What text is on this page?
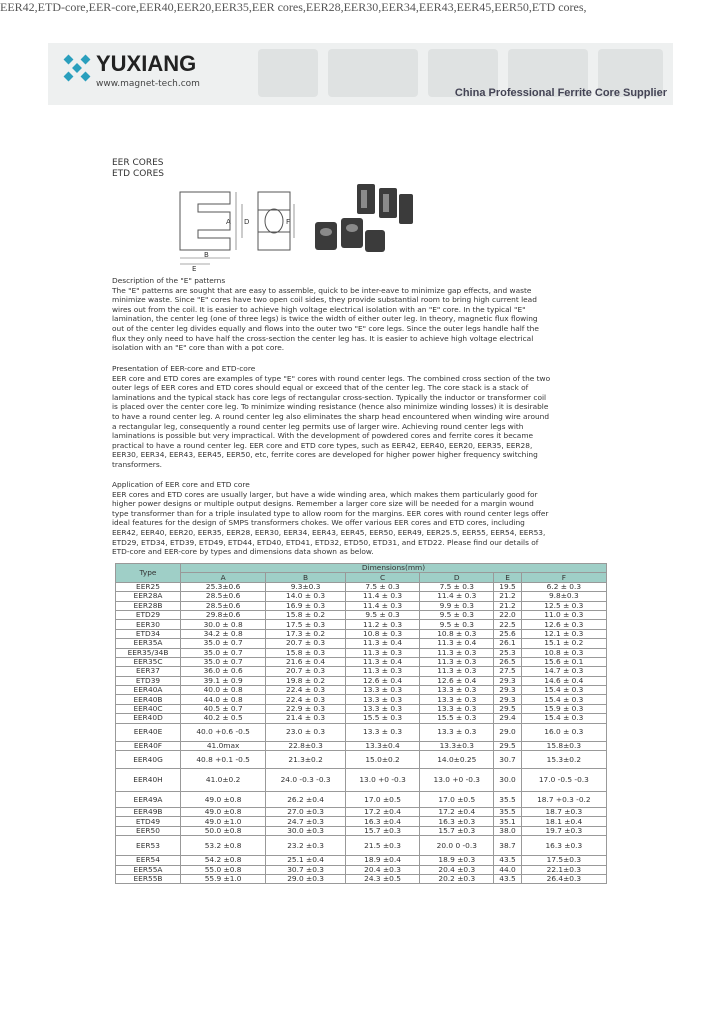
EER42,ETD-core,EER-core,EER40,EER20,EER35,EER cores,EER28,EER30,EER34,EER43,EER45,EER50,ETD cores,
YUXIANG
www.magnet-tech.com
China Professional Ferrite Core Supplier
EER CORES
ETD CORES
B
E
A D	F

Description of the "E" patterns

The "E" patterns are sought that are easy to assemble, quick to be inter-eave to minimize gap effects, and waste minimize waste. Since "E" cores have two open coil sides, they provide substantial room to bring high current lead wires out from the coil. It is easier to achieve high voltage electrical isolation with an "E" core. In the typical "E" lamination, the center leg (one of three legs) is twice the width of either outer leg. In theory, magnetic flux flowing out of the center leg divides equally and flows into the outer two "E" core legs. Since the outer legs handle half the flux they only need to have half the cross-section the center leg has. It is easier to achieve high voltage electrical isolation with an "E" core than with a pot core.

Presentation of EER-core and ETD-core

EER core and ETD cores are examples of type "E" cores with round center legs. The combined cross section of the two outer legs of EER cores and ETD cores should equal or exceed that of the center leg. The core stack is a stack of laminations and the typical stack has core legs of rectangular cross-section. Typically the inductor or transformer coil is placed over the center core leg. To minimize winding resistance (hence also minimize winding losses) it is desirable to have a round center leg. A round center leg also eliminates the sharp head encountered when winding wire around a rectangular leg, consequently a round center leg permits use of larger wire. Achieving round center legs with laminations is possible but very impractical. With the development of powdered cores and ferrite cores it became practical to have a round center leg. EER core and ETD core types, such as EER42, EER40, EER20, EER35, EER28, EER30, EER34, EER43, EER45, EER50, etc, ferrite cores are developed for higher power higher frequency switching transformers.

Application of EER core and ETD core

EER cores and ETD cores are usually larger, but have a wide winding area, which makes them particularly good for higher power designs or multiple output designs. Remember a larger core size will be needed for a margin wound type transformer than for a triple insulated type to allow room for the margins. EER cores with round center legs offer ideal features for the design of SMPS transformers chokes. We offer various EER cores and ETD cores, including EER42, EER40, EER20, EER35, EER28, EER30, EER34, EER43, EER45, EER50, EER49, EER25.5, EER55, EER54, EER53, ETD29, ETD34, ETD39, ETD49, ETD44, ETD40, ETD41, ETD32, ETD50, ETD31, and ETD22. Please find our details of ETD-core and EER-core by types and dimensions data shown as below.

Type	Dimensions(mm)					
	A	B	C	D	E	F
EER25	25.3±0.6	9.3±0.3	7.5 ± 0.3	7.5 ± 0.3	19.5	6.2 ± 0.3
EER28A	28.5±0.6	14.0 ± 0.3	11.4 ± 0.3	11.4 ± 0.3	21.2	9.8±0.3
EER28B	28.5±0.6	16.9 ± 0.3	11.4 ± 0.3	9.9 ± 0.3	21.2	12.5 ± 0.3
ETD29	29.8±0.6	15.8 ± 0.2	9.5 ± 0.3	9.5 ± 0.3	22.0	11.0 ± 0.3
EER30	30.0 ± 0.8	17.5 ± 0.3	11.2 ± 0.3	9.5 ± 0.3	22.5	12.6 ± 0.3
ETD34	34.2 ± 0.8	17.3 ± 0.2	10.8 ± 0.3	10.8 ± 0.3	25.6	12.1 ± 0.3
EER35A	35.0 ± 0.7	20.7 ± 0.3	11.3 ± 0.4	11.3 ± 0.4	26.1	15.1 ± 0.2
EER35/34B	35.0 ± 0.7	15.8 ± 0.3	11.3 ± 0.3	11.3 ± 0.3	25.3	10.8 ± 0.3
EER35C	35.0 ± 0.7	21.6 ± 0.4	11.3 ± 0.4	11.3 ± 0.3	26.5	15.6 ± 0.1
EER37	36.0 ± 0.6	20.7 ± 0.3	11.3 ± 0.3	11.3 ± 0.3	27.5	14.7 ± 0.3
ETD39	39.1 ± 0.9	19.8 ± 0.2	12.6 ± 0.4	12.6 ± 0.4	29.3	14.6 ± 0.4
EER40A	40.0 ± 0.8	22.4 ± 0.3	13.3 ± 0.3	13.3 ± 0.3	29.3	15.4 ± 0.3
EER40B	44.0 ± 0.8	22.4 ± 0.3	13.3 ± 0.3	13.3 ± 0.3	29.3	15.4 ± 0.3
EER40C	40.5 ± 0.7	22.9 ± 0.3	13.3 ± 0.3	13.3 ± 0.3	29.5	15.9 ± 0.3
EER40D	40.2 ± 0.5	21.4 ± 0.3	15.5 ± 0.3	15.5 ± 0.3	29.4	15.4 ± 0.3
EER40E	40.0 +0.6 -0.5	23.0 ± 0.3	13.3 ± 0.3	13.3 ± 0.3	29.0	16.0 ± 0.3
EER40F	41.0max	22.8±0.3	13.3±0.4	13.3±0.3	29.5	15.8±0.3
EER40G	40.8 +0.1 -0.5	21.3±0.2	15.0±0.2	14.0±0.25	30.7	15.3±0.2
EER40H	41.0±0.2	24.0 -0.3 -0.3	13.0 +0 -0.3	13.0 +0 -0.3	30.0	17.0 -0.5 -0.3
EER49A	49.0 ±0.8	26.2 ±0.4	17.0 ±0.5	17.0 ±0.5	35.5	18.7 +0.3 -0.2
EER49B	49.0 ±0.8	27.0 ±0.3	17.2 ±0.4	17.2 ±0.4	35.5	18.7 ±0.3
ETD49	49.0 ±1.0	24.7 ±0.3	16.3 ±0.4	16.3 ±0.3	35.1	18.1 ±0.4
EER50	50.0 ±0.8	30.0 ±0.3	15.7 ±0.3	15.7 ±0.3	38.0	19.7 ±0.3
EER53	53.2 ±0.8	23.2 ±0.3	21.5 ±0.3	20.0 0 -0.3	38.7	16.3 ±0.3
EER54	54.2 ±0.8	25.1 ±0.4	18.9 ±0.4	18.9 ±0.3	43.5	17.5±0.3
EER55A	55.0 ±0.8	30.7 ±0.3	20.4 ±0.3	20.4 ±0.3	44.0	22.1±0.3
EER55B	55.9 ±1.0	29.0 ±0.3	24.3 ±0.5	20.2 ±0.3	43.5	26.4±0.3
